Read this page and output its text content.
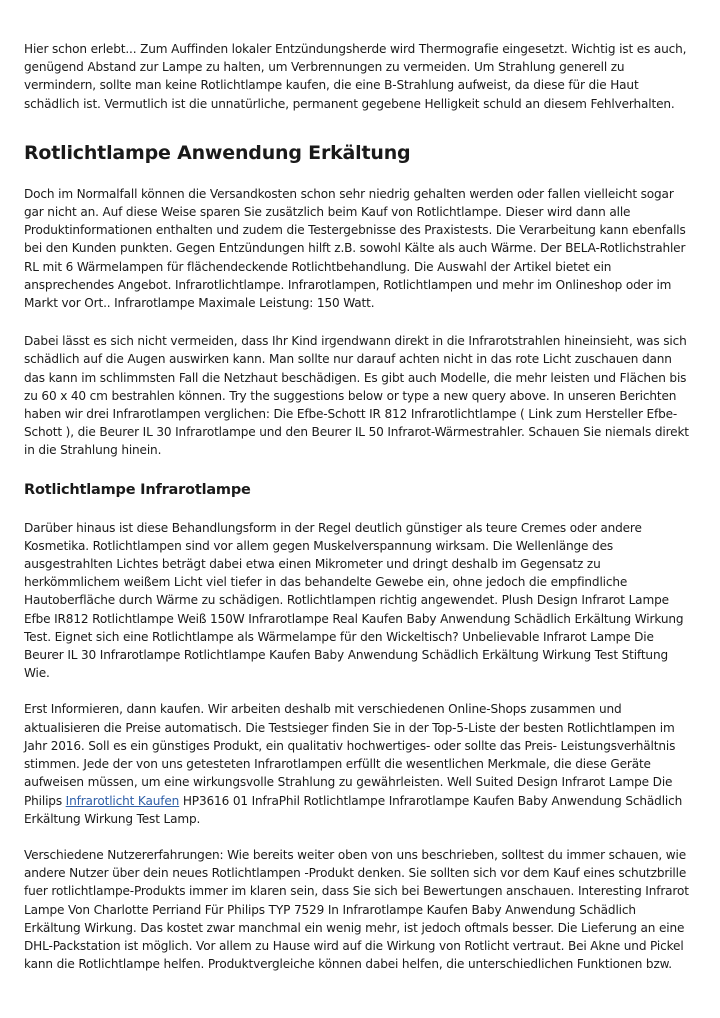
Hier schon erlebt... Zum Auffinden lokaler Entzündungsherde wird Thermografie eingesetzt. Wichtig ist es auch, genügend Abstand zur Lampe zu halten, um Verbrennungen zu vermeiden. Um Strahlung generell zu vermindern, sollte man keine Rotlichtlampe kaufen, die eine B-Strahlung aufweist, da diese für die Haut schädlich ist. Vermutlich ist die unnatürliche, permanent gegebene Helligkeit schuld an diesem Fehlverhalten.

Rotlichtlampe Anwendung Erkältung

Doch im Normalfall können die Versandkosten schon sehr niedrig gehalten werden oder fallen vielleicht sogar gar nicht an. Auf diese Weise sparen Sie zusätzlich beim Kauf von Rotlichtlampe. Dieser wird dann alle Produktinformationen enthalten und zudem die Testergebnisse des Praxistests. Die Verarbeitung kann ebenfalls bei den Kunden punkten. Gegen Entzündungen hilft z.B. sowohl Kälte als auch Wärme. Der BELA-Rotlichstrahler RL mit 6 Wärmelampen für flächendeckende Rotlichtbehandlung. Die Auswahl der Artikel bietet ein ansprechendes Angebot. Infrarotlichtlampe. Infrarotlampen, Rotlichtlampen und mehr im Onlineshop oder im Markt vor Ort.. Infrarotlampe Maximale Leistung: 150 Watt.

Dabei lässt es sich nicht vermeiden, dass Ihr Kind irgendwann direkt in die Infrarotstrahlen hineinsieht, was sich schädlich auf die Augen auswirken kann. Man sollte nur darauf achten nicht in das rote Licht zuschauen dann das kann im schlimmsten Fall die Netzhaut beschädigen. Es gibt auch Modelle, die mehr leisten und Flächen bis zu 60 x 40 cm bestrahlen können. Try the suggestions below or type a new query above. In unseren Berichten haben wir drei Infrarotlampen verglichen: Die Efbe-Schott IR 812 Infrarotlichtlampe ( Link zum Hersteller Efbe-Schott ), die Beurer IL 30 Infrarotlampe und den Beurer IL 50 Infrarot-Wärmestrahler. Schauen Sie niemals direkt in die Strahlung hinein.

Rotlichtlampe Infrarotlampe

Darüber hinaus ist diese Behandlungsform in der Regel deutlich günstiger als teure Cremes oder andere Kosmetika. Rotlichtlampen sind vor allem gegen Muskelverspannung wirksam. Die Wellenlänge des ausgestrahlten Lichtes beträgt dabei etwa einen Mikrometer und dringt deshalb im Gegensatz zu herkömmlichem weißem Licht viel tiefer in das behandelte Gewebe ein, ohne jedoch die empfindliche Hautoberfläche durch Wärme zu schädigen. Rotlichtlampen richtig angewendet. Plush Design Infrarot Lampe Efbe IR812 Rotlichtlampe Weiß 150W Infrarotlampe Real Kaufen Baby Anwendung Schädlich Erkältung Wirkung Test. Eignet sich eine Rotlichtlampe als Wärmelampe für den Wickeltisch? Unbelievable Infrarot Lampe Die Beurer IL 30 Infrarotlampe Rotlichtlampe Kaufen Baby Anwendung Schädlich Erkältung Wirkung Test Stiftung Wie.

Erst Informieren, dann kaufen. Wir arbeiten deshalb mit verschiedenen Online-Shops zusammen und aktualisieren die Preise automatisch. Die Testsieger finden Sie in der Top-5-Liste der besten Rotlichtlampen im Jahr 2016. Soll es ein günstiges Produkt, ein qualitativ hochwertiges- oder sollte das Preis- Leistungsverhältnis stimmen. Jede der von uns getesteten Infrarotlampen erfüllt die wesentlichen Merkmale, die diese Geräte aufweisen müssen, um eine wirkungsvolle Strahlung zu gewährleisten. Well Suited Design Infrarot Lampe Die Philips Infrarotlicht Kaufen HP3616 01 InfraPhil Rotlichtlampe Infrarotlampe Kaufen Baby Anwendung Schädlich Erkältung Wirkung Test Lamp.

Verschiedene Nutzererfahrungen: Wie bereits weiter oben von uns beschrieben, solltest du immer schauen, wie andere Nutzer über dein neues Rotlichtlampen -Produkt denken. Sie sollten sich vor dem Kauf eines schutzbrille fuer rotlichtlampe-Produkts immer im klaren sein, dass Sie sich bei Bewertungen anschauen. Interesting Infrarot Lampe Von Charlotte Perriand Für Philips TYP 7529 In Infrarotlampe Kaufen Baby Anwendung Schädlich Erkältung Wirkung. Das kostet zwar manchmal ein wenig mehr, ist jedoch oftmals besser. Die Lieferung an eine DHL-Packstation ist möglich. Vor allem zu Hause wird auf die Wirkung von Rotlicht vertraut. Bei Akne und Pickel kann die Rotlichtlampe helfen. Produktvergleiche können dabei helfen, die unterschiedlichen Funktionen bzw.
